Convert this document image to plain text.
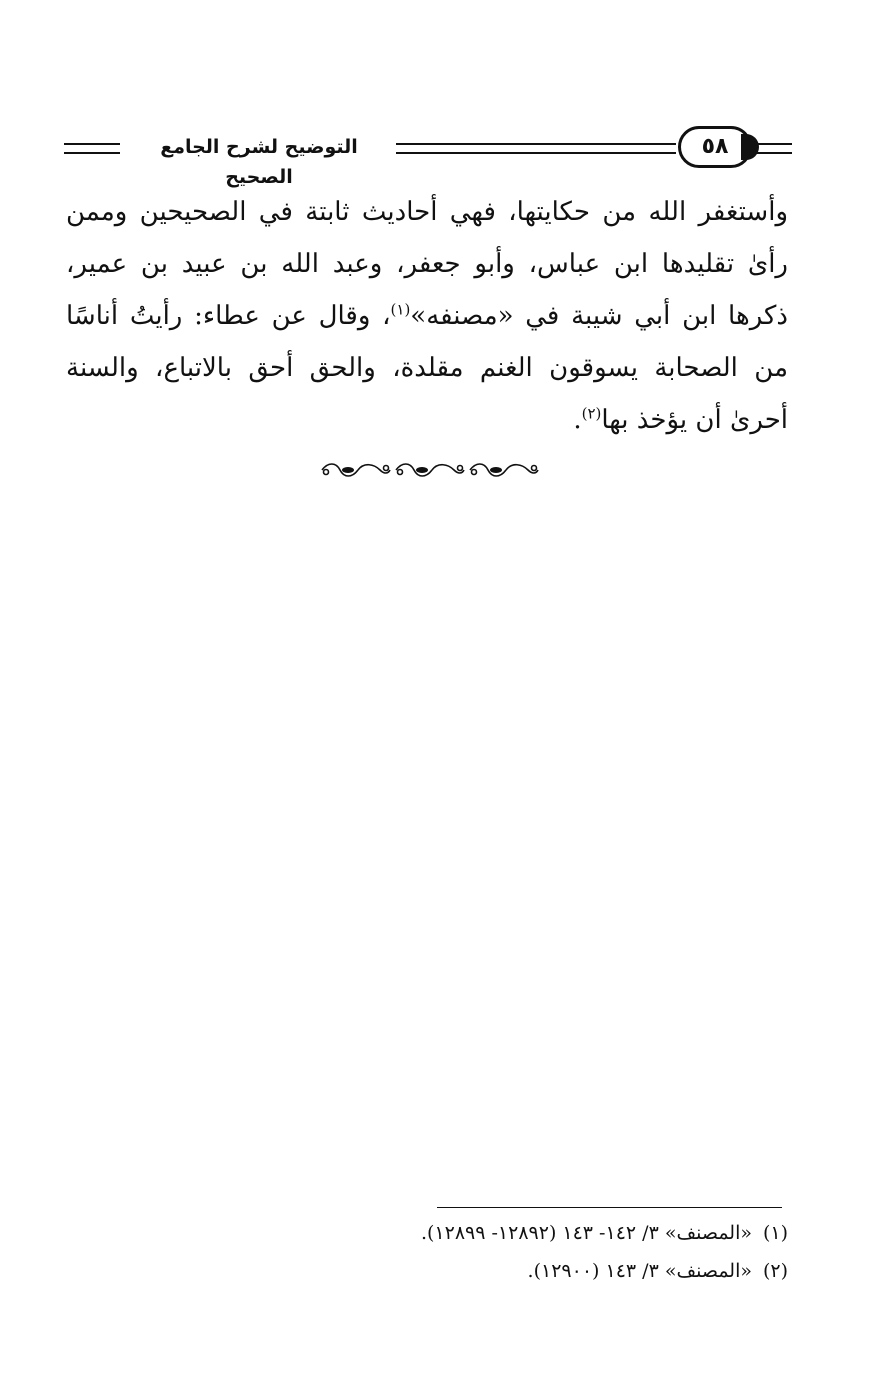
التوضيح لشرح الجامع الصحيح
٥٨

وأستغفر الله من حكايتها، فهي أحاديث ثابتة في الصحيحين وممن رأىٰ تقليدها ابن عباس، وأبو جعفر، وعبد الله بن عبيد بن عمير، ذكرها ابن أبي شيبة في «مصنفه»$^{(١)}$، وقال عن عطاء: رأيتُ أناسًا من الصحابة يسوقون الغنم مقلدة، والحق أحق بالاتباع، والسنة أحرىٰ أن يؤخذ بها$^{(٢)}$.

(١)
«المصنف» ٣/ ١٤٢- ١٤٣ (١٢٨٩٢- ١٢٨٩٩).
(٢)
«المصنف» ٣/ ١٤٣ (١٢٩٠٠).
